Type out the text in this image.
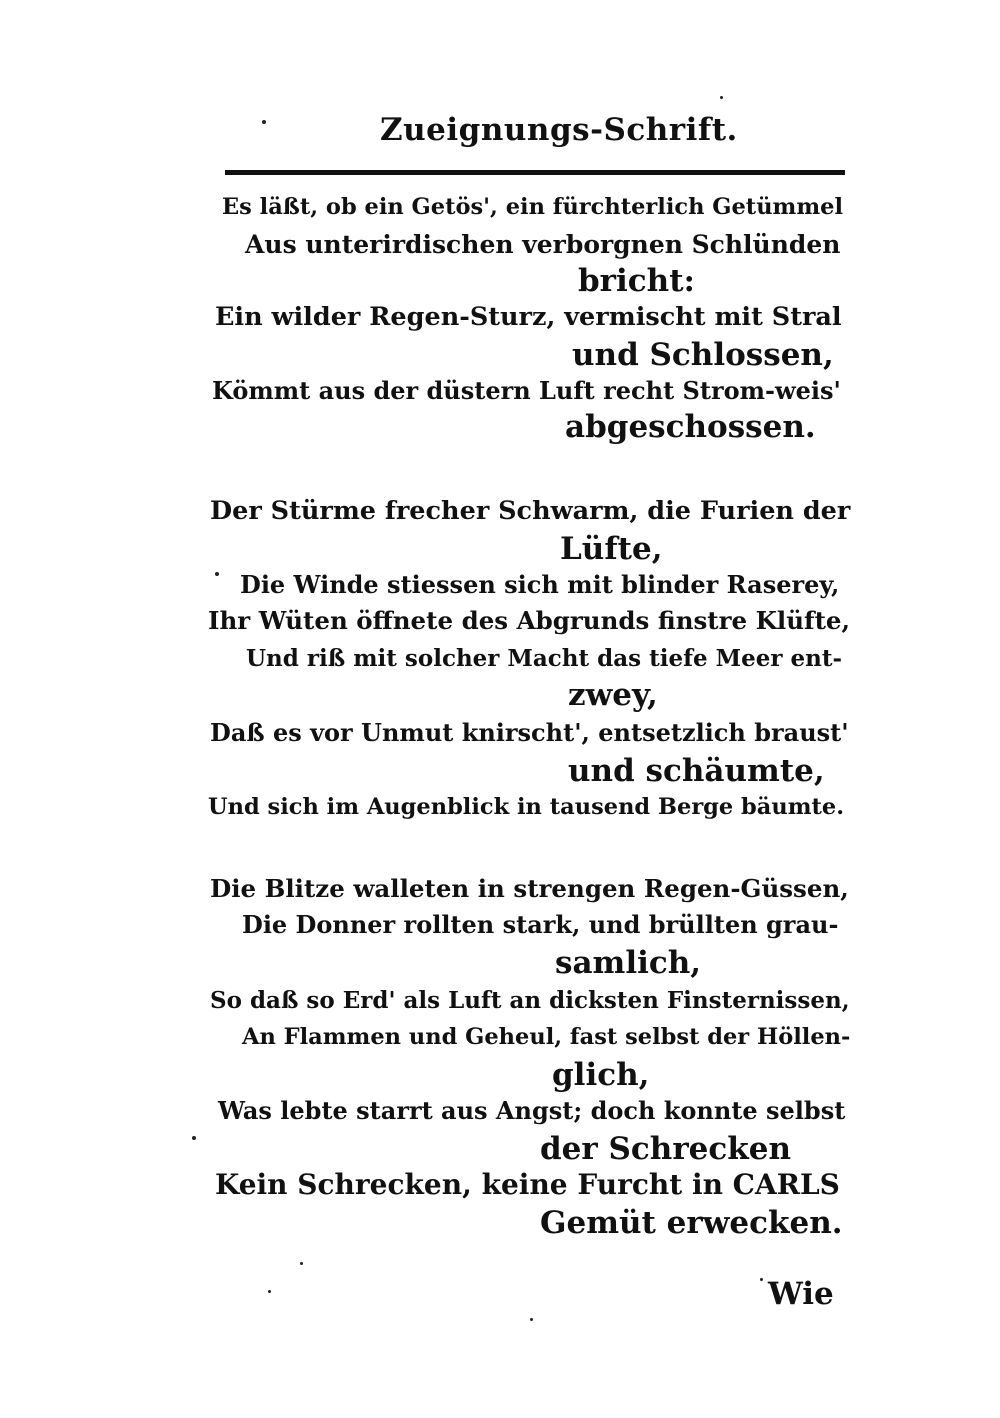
Zueignungs-Schrift.
Es läßt, ob ein Getös', ein fürchterlich Getümmel
Aus unterirdischen verborgnen Schlünden
bricht:
Ein wilder Regen-Sturz, vermischt mit Stral
und Schlossen,
Kömmt aus der düstern Luft recht Strom-weis'
abgeschossen.
Der Stürme frecher Schwarm, die Furien der
Lüfte,
Die Winde stiessen sich mit blinder Raserey,
Ihr Wüten öffnete des Abgrunds finstre Klüfte,
Und riß mit solcher Macht das tiefe Meer ent-
zwey,
Daß es vor Unmut knirscht', entsetzlich braust'
und schäumte,
Und sich im Augenblick in tausend Berge bäumte.
Die Blitze walleten in strengen Regen-Güssen,
Die Donner rollten stark, und brüllten grau-
samlich,
So daß so Erd' als Luft an dicksten Finsternissen,
An Flammen und Geheul, fast selbst der Höllen-
glich,
Was lebte starrt aus Angst; doch konnte selbst
der Schrecken
Kein Schrecken, keine Furcht in CARLS
Gemüt erwecken.
Wie
